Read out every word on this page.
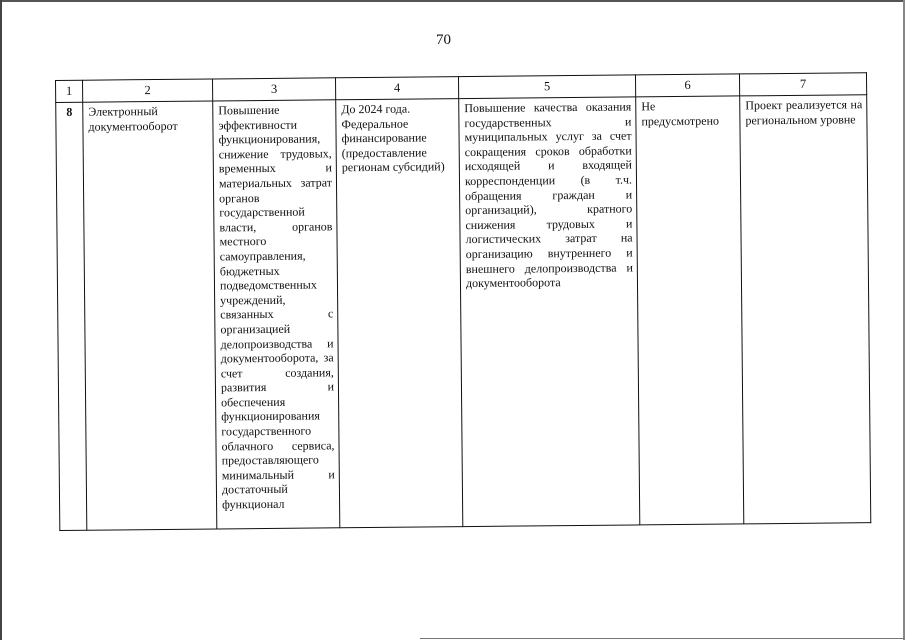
70
1	2	3	4	5	6	7
8	Электронный документооборот	Повышение эффективности функционирования, снижение трудовых, временных и материальных затрат органов государственной власти, органов местного самоуправления, бюджетных подведомственных учреждений, связанных с организацией делопроизводства и документооборота, за счет создания, развития и обеспечения функционирования государственного облачного сервиса, предоставляющего минимальный и достаточный функционал	До 2024 года. Федеральное финансирование (предоставление регионам субсидий)	Повышение качества оказания государственных и муниципальных услуг за счет сокращения сроков обработки исходящей и входящей корреспонденции (в т.ч. обращения граждан и организаций), кратного снижения трудовых и логистических затрат на организацию внутреннего и внешнего делопроизводства и документооборота	Не предусмотрено	Проект реализуется на региональном уровне
